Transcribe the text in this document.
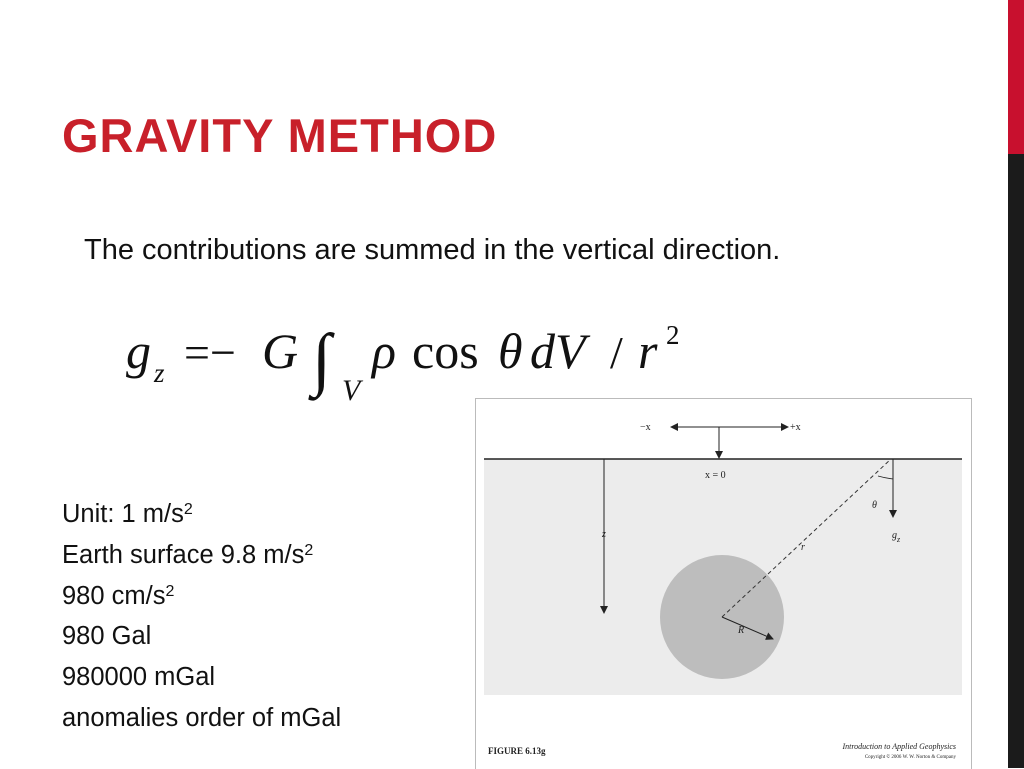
GRAVITY METHOD

The contributions are summed in the vertical direction.

g z =− G ∫ V
ρ cos θ dV / r 2
Unit: 1 $m/s^2$
Earth surface 9.8 $m/s^2$
980 $cm/s^2$
980 Gal
980000 mGal
anomalies order of mGal
−x	+x
x = 0
z
r
R
θ
$g_z$
FIGURE 6.13g	Introduction to Applied Geophysics
Copyright © 2006 W. W. Norton & Company
